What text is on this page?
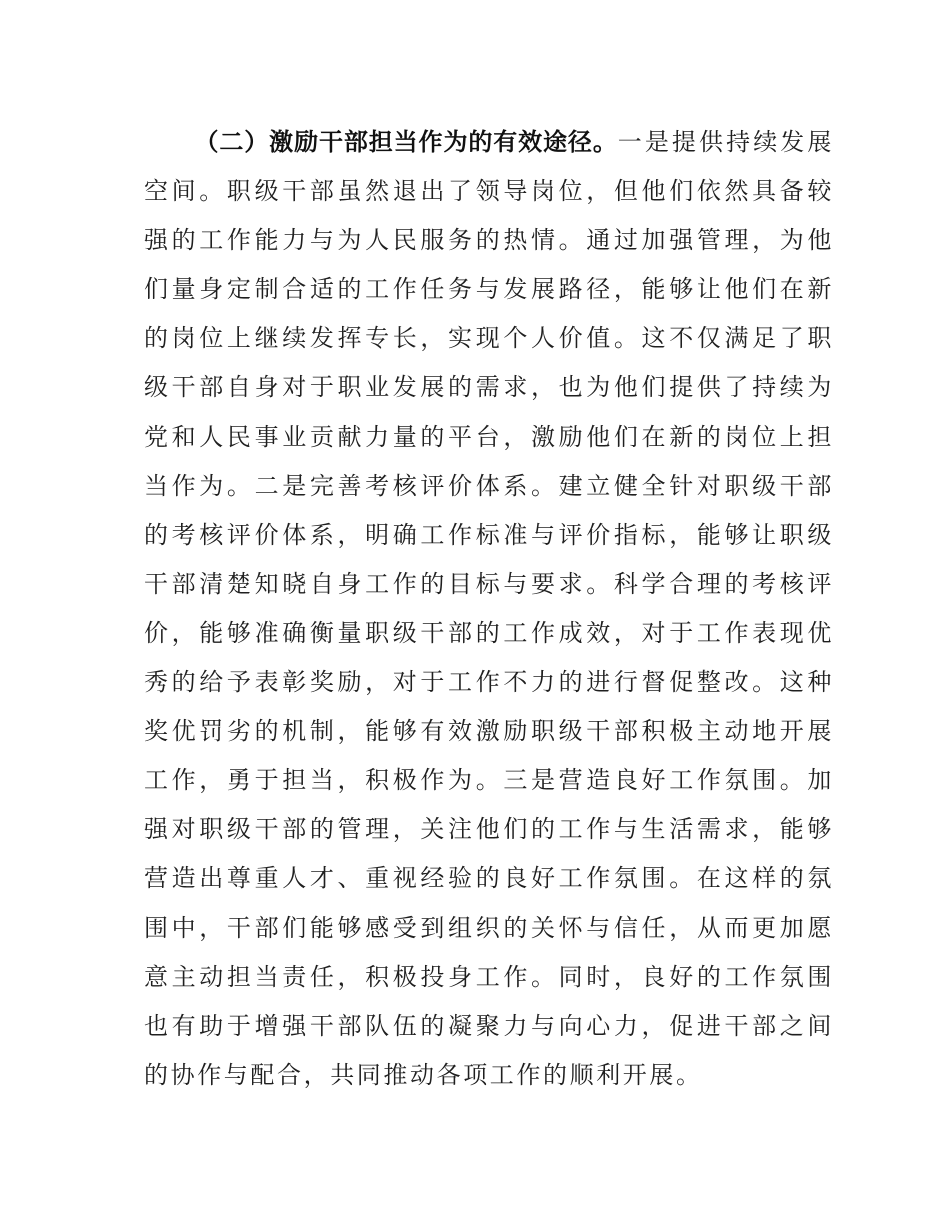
（二）激励干部担当作为的有效途径。一是提供持续发展空间。职级干部虽然退出了领导岗位，但他们依然具备较强的工作能力与为人民服务的热情。通过加强管理，为他们量身定制合适的工作任务与发展路径，能够让他们在新的岗位上继续发挥专长，实现个人价值。这不仅满足了职级干部自身对于职业发展的需求，也为他们提供了持续为党和人民事业贡献力量的平台，激励他们在新的岗位上担当作为。二是完善考核评价体系。建立健全针对职级干部的考核评价体系，明确工作标准与评价指标，能够让职级干部清楚知晓自身工作的目标与要求。科学合理的考核评价，能够准确衡量职级干部的工作成效，对于工作表现优秀的给予表彰奖励，对于工作不力的进行督促整改。这种奖优罚劣的机制，能够有效激励职级干部积极主动地开展工作，勇于担当，积极作为。三是营造良好工作氛围。加强对职级干部的管理，关注他们的工作与生活需求，能够营造出尊重人才、重视经验的良好工作氛围。在这样的氛围中，干部们能够感受到组织的关怀与信任，从而更加愿意主动担当责任，积极投身工作。同时，良好的工作氛围也有助于增强干部队伍的凝聚力与向心力，促进干部之间的协作与配合，共同推动各项工作的顺利开展。
